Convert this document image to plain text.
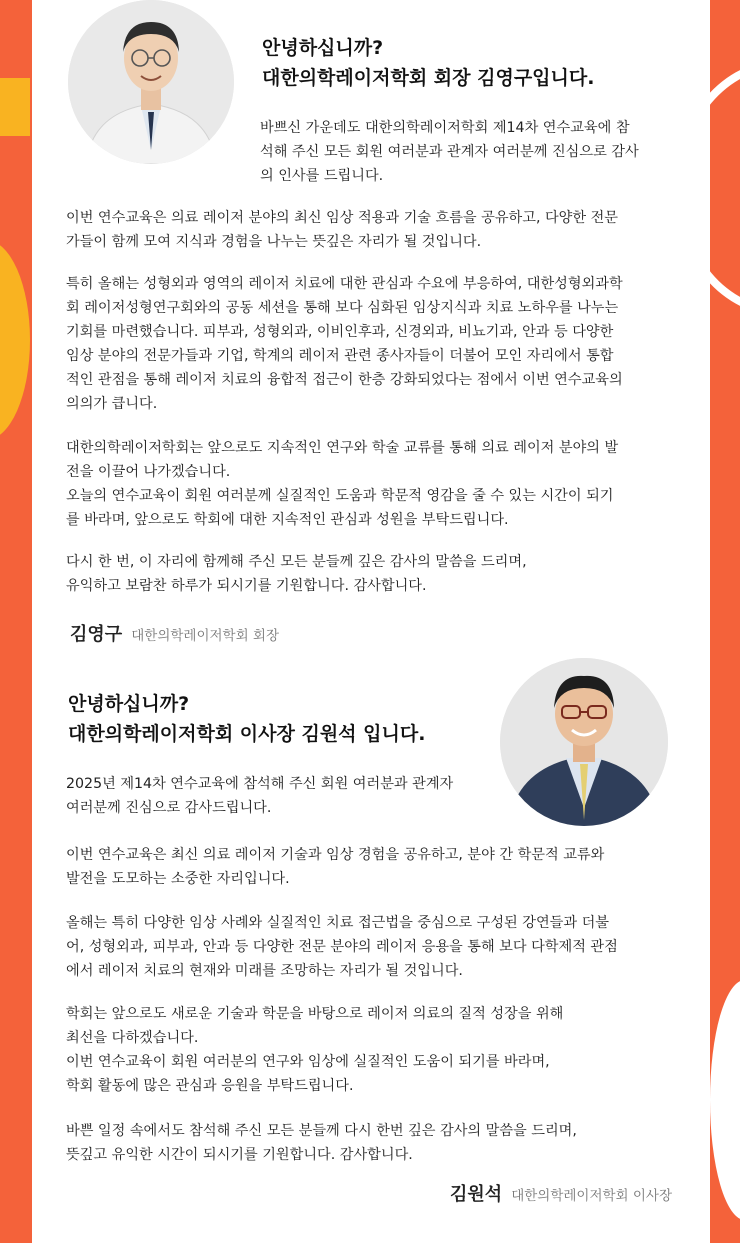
안녕하십니까?
대한의학레이저학회 회장 김영구입니다.

바쁘신 가운데도 대한의학레이저학회 제14차 연수교육에 참
석해 주신 모든 회원 여러분과 관계자 여러분께 진심으로 감사
의 인사를 드립니다.

이번 연수교육은 의료 레이저 분야의 최신 임상 적용과 기술 흐름을 공유하고, 다양한 전문
가들이 함께 모여 지식과 경험을 나누는 뜻깊은 자리가 될 것입니다.

특히 올해는 성형외과 영역의 레이저 치료에 대한 관심과 수요에 부응하여, 대한성형외과학
회 레이저성형연구회와의 공동 세션을 통해 보다 심화된 임상지식과 치료 노하우를 나누는
기회를 마련했습니다. 피부과, 성형외과, 이비인후과, 신경외과, 비뇨기과, 안과 등 다양한
임상 분야의 전문가들과 기업, 학계의 레이저 관련 종사자들이 더불어 모인 자리에서 통합
적인 관점을 통해 레이저 치료의 융합적 접근이 한층 강화되었다는 점에서 이번 연수교육의
의의가 큽니다.

대한의학레이저학회는 앞으로도 지속적인 연구와 학술 교류를 통해 의료 레이저 분야의 발
전을 이끌어 나가겠습니다.
오늘의 연수교육이 회원 여러분께 실질적인 도움과 학문적 영감을 줄 수 있는 시간이 되기
를 바라며, 앞으로도 학회에 대한 지속적인 관심과 성원을 부탁드립니다.

다시 한 번, 이 자리에 함께해 주신 모든 분들께 깊은 감사의 말씀을 드리며,
유익하고 보람찬 하루가 되시기를 기원합니다. 감사합니다.

김영구 대한의학레이저학회 회장
안녕하십니까?
대한의학레이저학회 이사장 김원석 입니다.

2025년 제14차 연수교육에 참석해 주신 회원 여러분과 관계자
여러분께 진심으로 감사드립니다.

이번 연수교육은 최신 의료 레이저 기술과 임상 경험을 공유하고, 분야 간 학문적 교류와
발전을 도모하는 소중한 자리입니다.

올해는 특히 다양한 임상 사례와 실질적인 치료 접근법을 중심으로 구성된 강연들과 더불
어, 성형외과, 피부과, 안과 등 다양한 전문 분야의 레이저 응용을 통해 보다 다학제적 관점
에서 레이저 치료의 현재와 미래를 조망하는 자리가 될 것입니다.

학회는 앞으로도 새로운 기술과 학문을 바탕으로 레이저 의료의 질적 성장을 위해
최선을 다하겠습니다.
이번 연수교육이 회원 여러분의 연구와 임상에 실질적인 도움이 되기를 바라며,
학회 활동에 많은 관심과 응원을 부탁드립니다.

바쁜 일정 속에서도 참석해 주신 모든 분들께 다시 한번 깊은 감사의 말씀을 드리며,
뜻깊고 유익한 시간이 되시기를 기원합니다. 감사합니다.

김원석 대한의학레이저학회 이사장
